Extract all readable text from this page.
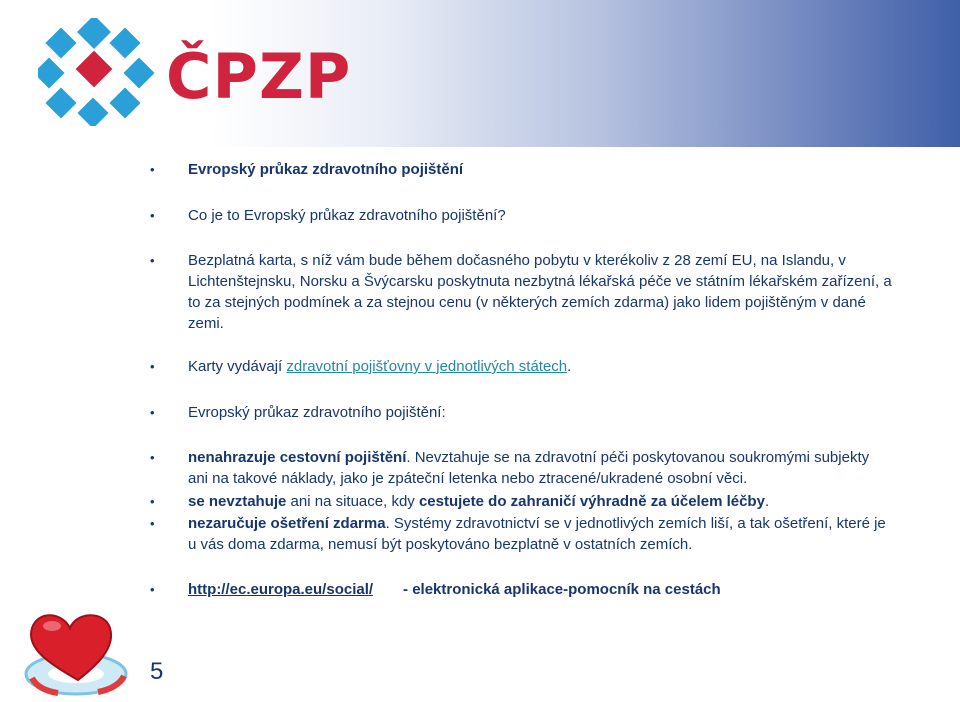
ČPZP
• Evropský průkaz zdravotního pojištění
• Co je to Evropský průkaz zdravotního pojištění?
• Bezplatná karta, s níž vám bude během dočasného pobytu v kterékoliv z 28 zemí EU, na Islandu, v Lichtenštejnsku, Norsku a Švýcarsku poskytnuta nezbytná lékařská péče ve státním lékařském zařízení, a to za stejných podmínek a za stejnou cenu (v některých zemích zdarma) jako lidem pojištěným v dané zemi.
• Karty vydávají zdravotní pojišťovny v jednotlivých státech.
• Evropský průkaz zdravotního pojištění:
• nenahrazuje cestovní pojištění. Nevztahuje se na zdravotní péči poskytovanou soukromými subjekty ani na takové náklady, jako je zpáteční letenka nebo ztracené/ukradené osobní věci.
• se nevztahuje ani na situace, kdy cestujete do zahraničí výhradně za účelem léčby.
• nezaručuje ošetření zdarma. Systémy zdravotnictví se v jednotlivých zemích liší, a tak ošetření, které je u vás doma zdarma, nemusí být poskytováno bezplatně v ostatních zemích.
• http://ec.europa.eu/social/ - elektronická aplikace-pomocník na cestách
5
